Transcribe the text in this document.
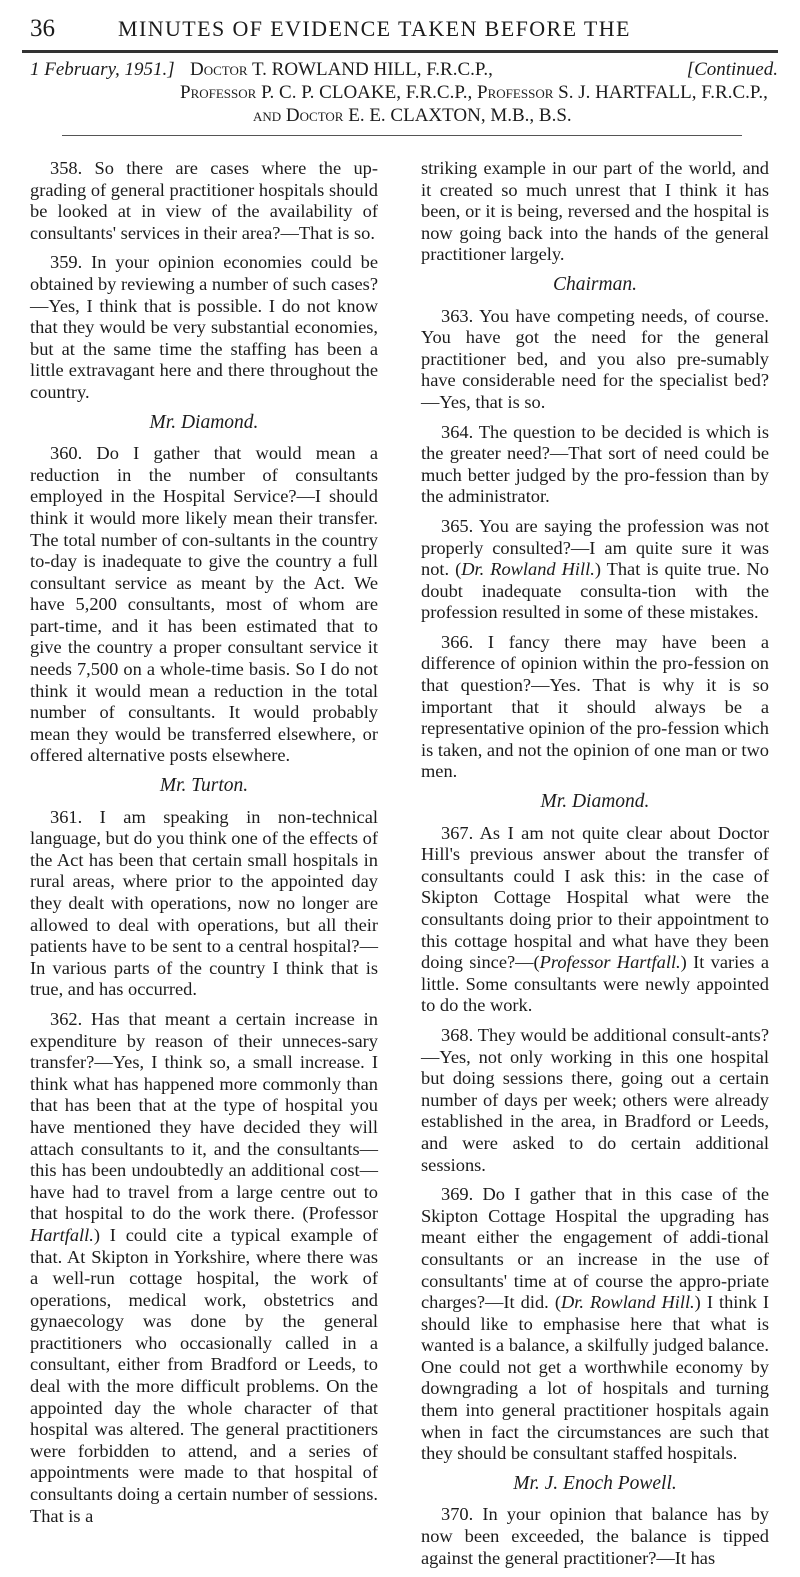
36	MINUTES OF EVIDENCE TAKEN BEFORE THE
1 February, 1951.] Doctor T. ROWLAND HILL, F.R.C.P.,	[Continued.
Professor P. C. P. CLOAKE, F.R.C.P., Professor S. J. HARTFALL, F.R.C.P.,
and Doctor E. E. CLAXTON, M.B., B.S.

358. So there are cases where the up-grading of general practitioner hospitals should be looked at in view of the availability of consultants' services in their area?—That is so.

359. In your opinion economies could be obtained by reviewing a number of such cases?—Yes, I think that is possible. I do not know that they would be very substantial economies, but at the same time the staffing has been a little extravagant here and there throughout the country.

Mr. Diamond.

360. Do I gather that would mean a reduction in the number of consultants employed in the Hospital Service?—I should think it would more likely mean their transfer. The total number of con-sultants in the country to-day is inadequate to give the country a full consultant service as meant by the Act. We have 5,200 consultants, most of whom are part-time, and it has been estimated that to give the country a proper consultant service it needs 7,500 on a whole-time basis. So I do not think it would mean a reduction in the total number of consultants. It would probably mean they would be transferred elsewhere, or offered alternative posts elsewhere.

Mr. Turton.

361. I am speaking in non-technical language, but do you think one of the effects of the Act has been that certain small hospitals in rural areas, where prior to the appointed day they dealt with operations, now no longer are allowed to deal with operations, but all their patients have to be sent to a central hospital?—In various parts of the country I think that is true, and has occurred.

362. Has that meant a certain increase in expenditure by reason of their unneces-sary transfer?—Yes, I think so, a small increase. I think what has happened more commonly than that has been that at the type of hospital you have mentioned they have decided they will attach consultants to it, and the consultants—this has been undoubtedly an additional cost—have had to travel from a large centre out to that hospital to do the work there. (Professor Hartfall.) I could cite a typical example of that. At Skipton in Yorkshire, where there was a well-run cottage hospital, the work of operations, medical work, obstetrics and gynaecology was done by the general practitioners who occasionally called in a consultant, either from Bradford or Leeds, to deal with the more difficult problems. On the appointed day the whole character of that hospital was altered. The general practitioners were forbidden to attend, and a series of appointments were made to that hospital of consultants doing a certain number of sessions. That is a

striking example in our part of the world, and it created so much unrest that I think it has been, or it is being, reversed and the hospital is now going back into the hands of the general practitioner largely.

Chairman.

363. You have competing needs, of course. You have got the need for the general practitioner bed, and you also pre-sumably have considerable need for the specialist bed?—Yes, that is so.

364. The question to be decided is which is the greater need?—That sort of need could be much better judged by the pro-fession than by the administrator.

365. You are saying the profession was not properly consulted?—I am quite sure it was not. (Dr. Rowland Hill.) That is quite true. No doubt inadequate consulta-tion with the profession resulted in some of these mistakes.

366. I fancy there may have been a difference of opinion within the pro-fession on that question?—Yes. That is why it is so important that it should always be a representative opinion of the pro-fession which is taken, and not the opinion of one man or two men.

Mr. Diamond.

367. As I am not quite clear about Doctor Hill's previous answer about the transfer of consultants could I ask this: in the case of Skipton Cottage Hospital what were the consultants doing prior to their appointment to this cottage hospital and what have they been doing since?—(Professor Hartfall.) It varies a little. Some consultants were newly appointed to do the work.

368. They would be additional consult-ants?—Yes, not only working in this one hospital but doing sessions there, going out a certain number of days per week; others were already established in the area, in Bradford or Leeds, and were asked to do certain additional sessions.

369. Do I gather that in this case of the Skipton Cottage Hospital the upgrading has meant either the engagement of addi-tional consultants or an increase in the use of consultants' time at of course the appro-priate charges?—It did. (Dr. Rowland Hill.) I think I should like to emphasise here that what is wanted is a balance, a skilfully judged balance. One could not get a worthwhile economy by downgrading a lot of hospitals and turning them into general practitioner hospitals again when in fact the circumstances are such that they should be consultant staffed hospitals.

Mr. J. Enoch Powell.

370. In your opinion that balance has by now been exceeded, the balance is tipped against the general practitioner?—It has
